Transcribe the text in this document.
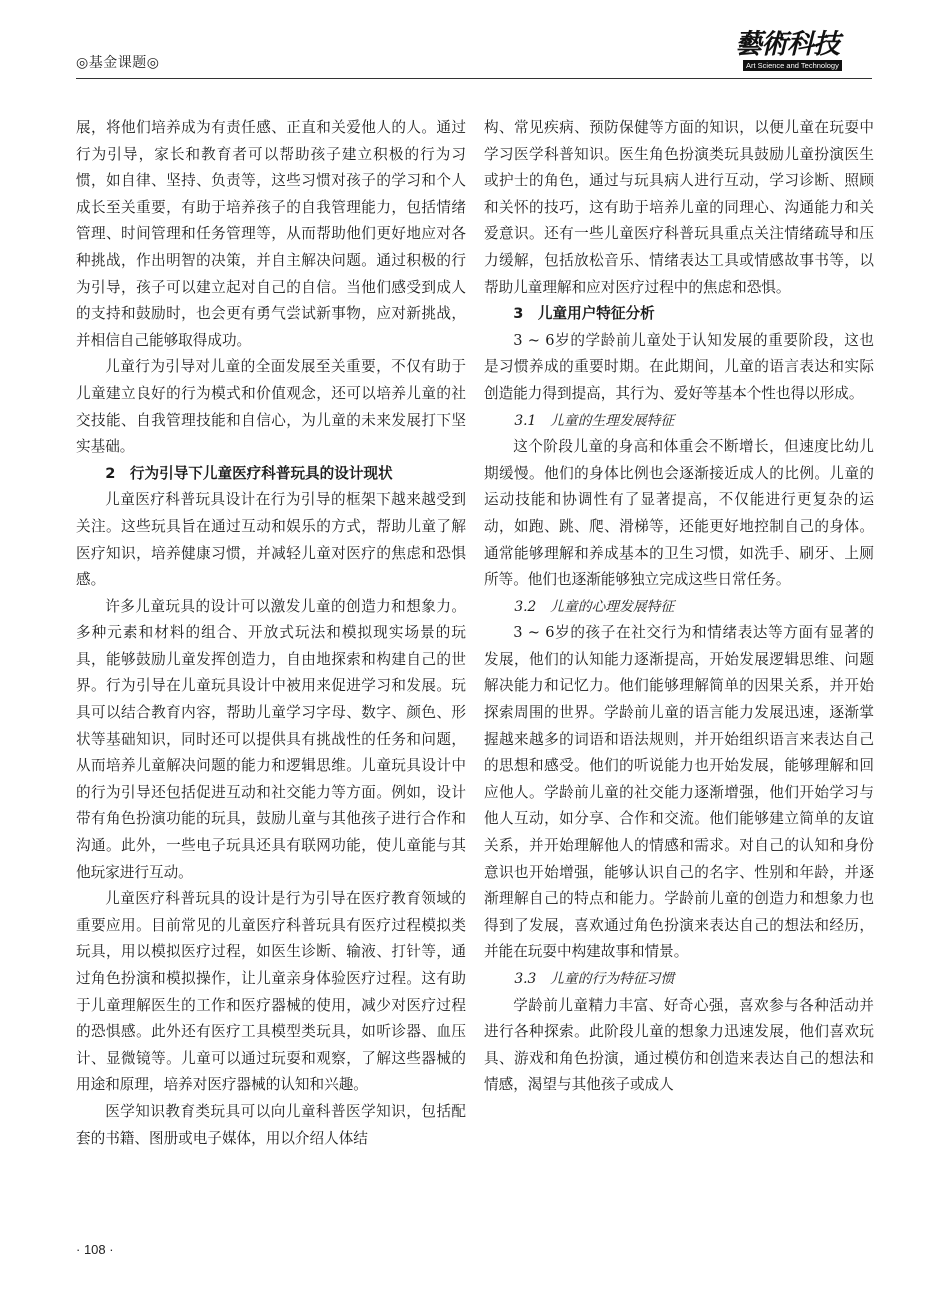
◎基金课题◎
藝術科技
Art Science and Technology

展，将他们培养成为有责任感、正直和关爱他人的人。通过行为引导，家长和教育者可以帮助孩子建立积极的行为习惯，如自律、坚持、负责等，这些习惯对孩子的学习和个人成长至关重要，有助于培养孩子的自我管理能力，包括情绪管理、时间管理和任务管理等，从而帮助他们更好地应对各种挑战，作出明智的决策，并自主解决问题。通过积极的行为引导，孩子可以建立起对自己的自信。当他们感受到成人的支持和鼓励时，也会更有勇气尝试新事物，应对新挑战，并相信自己能够取得成功。

儿童行为引导对儿童的全面发展至关重要，不仅有助于儿童建立良好的行为模式和价值观念，还可以培养儿童的社交技能、自我管理技能和自信心，为儿童的未来发展打下坚实基础。

2　行为引导下儿童医疗科普玩具的设计现状

儿童医疗科普玩具设计在行为引导的框架下越来越受到关注。这些玩具旨在通过互动和娱乐的方式，帮助儿童了解医疗知识，培养健康习惯，并减轻儿童对医疗的焦虑和恐惧感。

许多儿童玩具的设计可以激发儿童的创造力和想象力。多种元素和材料的组合、开放式玩法和模拟现实场景的玩具，能够鼓励儿童发挥创造力，自由地探索和构建自己的世界。行为引导在儿童玩具设计中被用来促进学习和发展。玩具可以结合教育内容，帮助儿童学习字母、数字、颜色、形状等基础知识，同时还可以提供具有挑战性的任务和问题，从而培养儿童解决问题的能力和逻辑思维。儿童玩具设计中的行为引导还包括促进互动和社交能力等方面。例如，设计带有角色扮演功能的玩具，鼓励儿童与其他孩子进行合作和沟通。此外，一些电子玩具还具有联网功能，使儿童能与其他玩家进行互动。

儿童医疗科普玩具的设计是行为引导在医疗教育领域的重要应用。目前常见的儿童医疗科普玩具有医疗过程模拟类玩具，用以模拟医疗过程，如医生诊断、输液、打针等，通过角色扮演和模拟操作，让儿童亲身体验医疗过程。这有助于儿童理解医生的工作和医疗器械的使用，减少对医疗过程的恐惧感。此外还有医疗工具模型类玩具，如听诊器、血压计、显微镜等。儿童可以通过玩耍和观察，了解这些器械的用途和原理，培养对医疗器械的认知和兴趣。

医学知识教育类玩具可以向儿童科普医学知识，包括配套的书籍、图册或电子媒体，用以介绍人体结

构、常见疾病、预防保健等方面的知识，以便儿童在玩耍中学习医学科普知识。医生角色扮演类玩具鼓励儿童扮演医生或护士的角色，通过与玩具病人进行互动，学习诊断、照顾和关怀的技巧，这有助于培养儿童的同理心、沟通能力和关爱意识。还有一些儿童医疗科普玩具重点关注情绪疏导和压力缓解，包括放松音乐、情绪表达工具或情感故事书等，以帮助儿童理解和应对医疗过程中的焦虑和恐惧。

3　儿童用户特征分析

3 ~ 6岁的学龄前儿童处于认知发展的重要阶段，这也是习惯养成的重要时期。在此期间，儿童的语言表达和实际创造能力得到提高，其行为、爱好等基本个性也得以形成。

3.1　儿童的生理发展特征

这个阶段儿童的身高和体重会不断增长，但速度比幼儿期缓慢。他们的身体比例也会逐渐接近成人的比例。儿童的运动技能和协调性有了显著提高，不仅能进行更复杂的运动，如跑、跳、爬、滑梯等，还能更好地控制自己的身体。通常能够理解和养成基本的卫生习惯，如洗手、刷牙、上厕所等。他们也逐渐能够独立完成这些日常任务。

3.2　儿童的心理发展特征

3 ~ 6岁的孩子在社交行为和情绪表达等方面有显著的发展，他们的认知能力逐渐提高，开始发展逻辑思维、问题解决能力和记忆力。他们能够理解简单的因果关系，并开始探索周围的世界。学龄前儿童的语言能力发展迅速，逐渐掌握越来越多的词语和语法规则，并开始组织语言来表达自己的思想和感受。他们的听说能力也开始发展，能够理解和回应他人。学龄前儿童的社交能力逐渐增强，他们开始学习与他人互动，如分享、合作和交流。他们能够建立简单的友谊关系，并开始理解他人的情感和需求。对自己的认知和身份意识也开始增强，能够认识自己的名字、性别和年龄，并逐渐理解自己的特点和能力。学龄前儿童的创造力和想象力也得到了发展，喜欢通过角色扮演来表达自己的想法和经历，并能在玩耍中构建故事和情景。

3.3　儿童的行为特征习惯

学龄前儿童精力丰富、好奇心强，喜欢参与各种活动并进行各种探索。此阶段儿童的想象力迅速发展，他们喜欢玩具、游戏和角色扮演，通过模仿和创造来表达自己的想法和情感，渴望与其他孩子或成人

· 108 ·
